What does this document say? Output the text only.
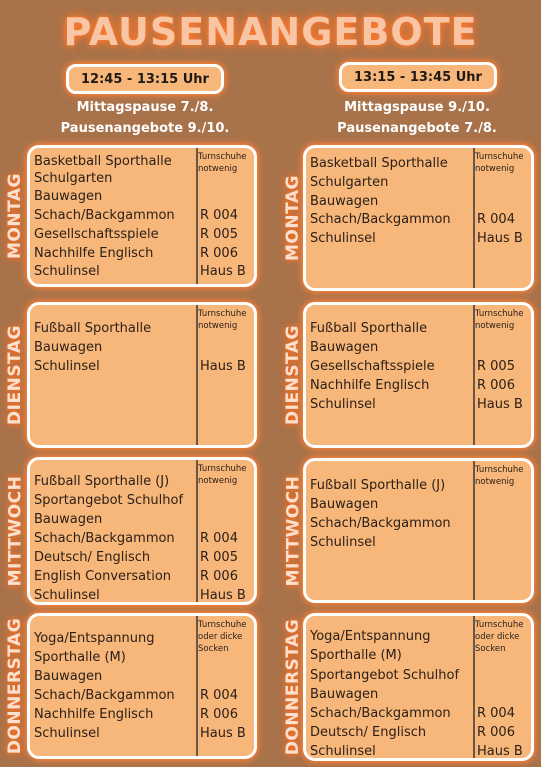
PAUSENANGEBOTE
12:45 - 13:15 Uhr	13:15 - 13:45 Uhr
Mittagspause 7./8.
Pausenangebote 9./10.
Mittagspause 9./10.
Pausenangebote 7./8.
MONTAG
Turnschuhe
notwenig
Basketball Sporthalle
Schulgarten
Bauwagen
Schach/Backgammon R 004
Gesellschaftsspiele	R 005
Nachhilfe Englisch	R 006
Schulinsel	Haus B
DIENSTAG
Turnschuhe
notwenig
Fußball Sporthalle
Bauwagen
Schulinsel	Haus B
MITTWOCH
Turnschuhe
notwenig
Fußball Sporthalle (J)
Sportangebot Schulhof
Bauwagen
Schach/Backgammon R 004
Deutsch/ Englisch	R 005
English Conversation R 006
Schulinsel	Haus B
DONNERSTAG	Turnschuhe
oder dicke
Socken
Yoga/Entspannung
Sporthalle (M)
Bauwagen
Schach/Backgammon R 004
Nachhilfe Englisch	R 006
Schulinsel	Haus B
MONTAG
Turnschuhe
notwenig
Basketball Sporthalle
Schulgarten
Bauwagen
Schach/Backgammon R 004
Schulinsel	Haus B
DIENSTAG
Turnschuhe
notwenig
Fußball Sporthalle
Bauwagen
Gesellschaftsspiele	R 005
Nachhilfe Englisch	R 006
Schulinsel	Haus B
MITTWOCH
Turnschuhe
notwenig
Fußball Sporthalle (J)
Bauwagen
Schach/Backgammon
Schulinsel
DONNERSTAG	Turnschuhe
oder dicke
Socken
Yoga/Entspannung
Sporthalle (M)
Sportangebot Schulhof
Bauwagen
Schach/Backgammon R 004
Deutsch/ Englisch	R 006
Schulinsel	Haus B
